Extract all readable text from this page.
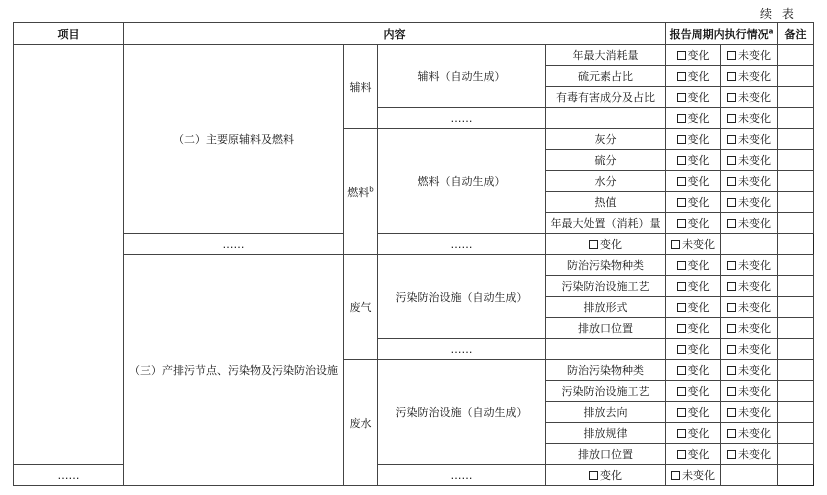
续 表
项目	内容				报告周期内执行情况$^a$		备注
	（二）主要原辅料及燃料	辅料	辅料（自动生成）	年最大消耗量	变化	未变化	
				硫元素占比	变化	未变化	
				有毒有害成分及占比	变化	未变化	
			……		变化	未变化	
		燃料$^b$	燃料（自动生成）	灰分	变化	未变化	
				硫分	变化	未变化	
				水分	变化	未变化	
				热值	变化	未变化	
				年最大处置（消耗）量	变化	未变化	
	……		……	变化	未变化		
	（三）产排污节点、污染物及污染防治设施	废气	污染防治设施（自动生成）	防治污染物种类	变化	未变化	
				污染防治设施工艺	变化	未变化	
				排放形式	变化	未变化	
				排放口位置	变化	未变化	
			……		变化	未变化	
		废水	污染防治设施（自动生成）	防治污染物种类	变化	未变化	
				污染防治设施工艺	变化	未变化	
				排放去向	变化	未变化	
				排放规律	变化	未变化	
				排放口位置	变化	未变化	
……			……	变化	未变化		
